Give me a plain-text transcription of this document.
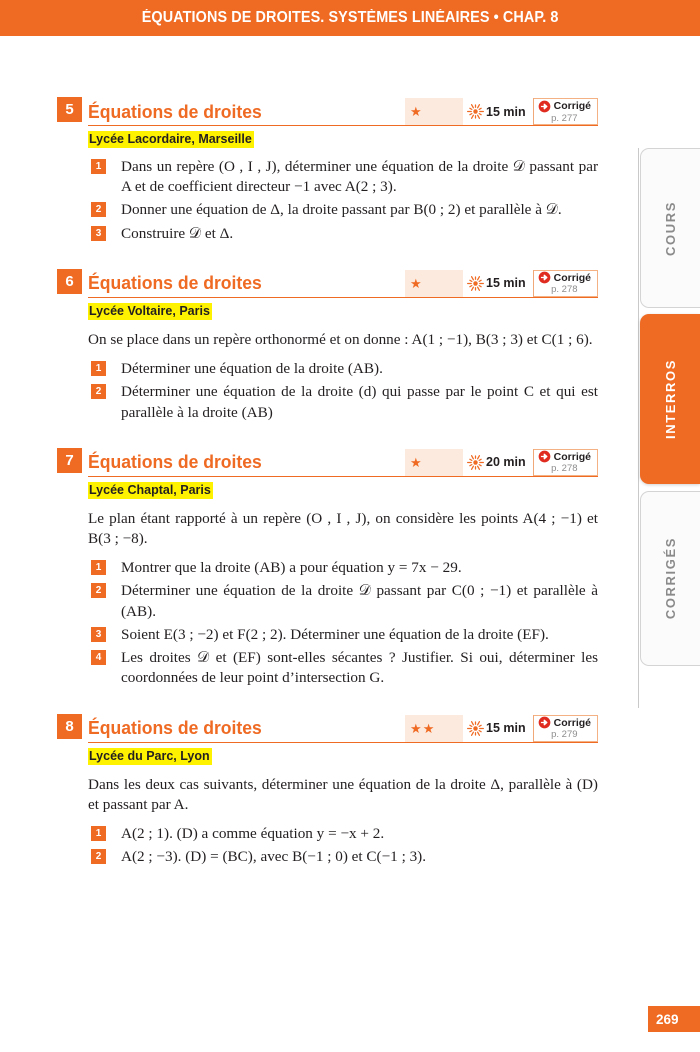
ÉQUATIONS DE DROITES. SYSTÈMES LINÉAIRES • CHAP. 8
5 Équations de droites	★	15 min	Corrigé
p. 277
Lycée Lacordaire, Marseille
1	Dans un repère (O , I , J), déterminer une équation de la droite 𝒟 passant par A et de coefficient directeur −1 avec A(2 ; 3).
2	Donner une équation de Δ, la droite passant par B(0 ; 2) et parallèle à 𝒟.
3	Construire 𝒟 et Δ.
6 Équations de droites	★	15 min	Corrigé
p. 278
Lycée Voltaire, Paris
On se place dans un repère orthonormé et on donne : A(1 ; −1), B(3 ; 3) et C(1 ; 6).
1	Déterminer une équation de la droite (AB).
2	Déterminer une équation de la droite (d) qui passe par le point C et qui est parallèle à la droite (AB)
7 Équations de droites	★	20 min	Corrigé
p. 278
Lycée Chaptal, Paris
Le plan étant rapporté à un repère (O , I , J), on considère les points A(4 ; −1) et B(3 ; −8).
1	Montrer que la droite (AB) a pour équation y = 7x − 29.
2	Déterminer une équation de la droite 𝒟 passant par C(0 ; −1) et parallèle à (AB).
3	Soient E(3 ; −2) et F(2 ; 2). Déterminer une équation de la droite (EF).
4	Les droites 𝒟 et (EF) sont-elles sécantes ? Justifier. Si oui, déterminer les coordonnées de leur point d’intersection G.
8 Équations de droites	★ ★	15 min	Corrigé
p. 279
Lycée du Parc, Lyon
Dans les deux cas suivants, déterminer une équation de la droite Δ, parallèle à (D) et passant par A.
1	A(2 ; 1). (D) a comme équation y = −x + 2.
2	A(2 ; −3). (D) = (BC), avec B(−1 ; 0) et C(−1 ; 3).
COURS
INTERROS
CORRIGÉS
269
